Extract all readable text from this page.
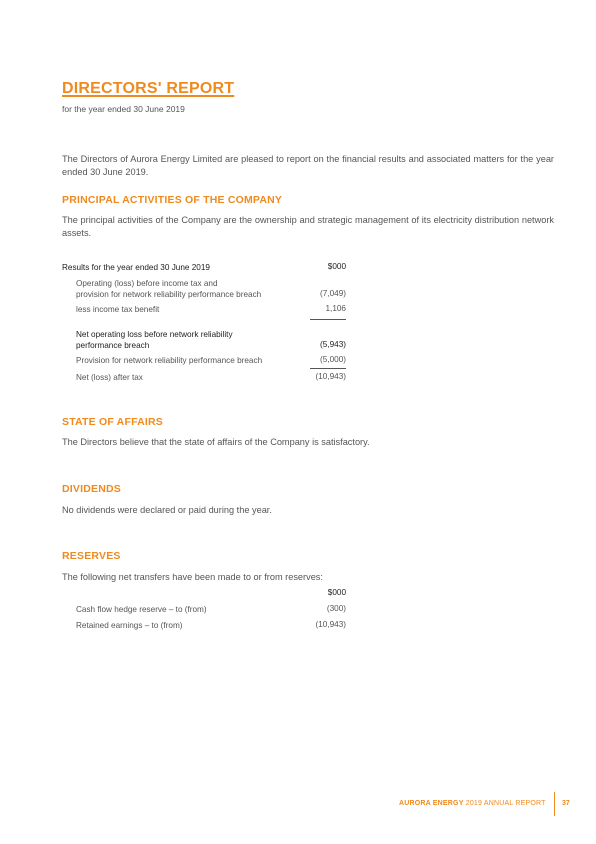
DIRECTORS' REPORT
for the year ended 30 June 2019
The Directors of Aurora Energy Limited are pleased to report on the financial results and associated matters for the year ended 30 June 2019.
PRINCIPAL ACTIVITIES OF THE COMPANY
The principal activities of the Company are the ownership and strategic management of its electricity distribution network assets.
Results for the year ended 30 June 2019	$000
Operating (loss) before income tax and
provision for network reliability performance breach	(7,049)
less income tax benefit	1,106
Net operating loss before network reliability
performance breach	(5,943)
Provision for network reliability performance breach	(5,000)
Net (loss) after tax	(10,943)
STATE OF AFFAIRS
The Directors believe that the state of affairs of the Company is satisfactory.
DIVIDENDS
No dividends were declared or paid during the year.
RESERVES
The following net transfers have been made to or from reserves:
$000
Cash flow hedge reserve – to (from)	(300)
Retained earnings – to (from)	(10,943)
AURORA ENERGY 2019 ANNUAL REPORT 37
